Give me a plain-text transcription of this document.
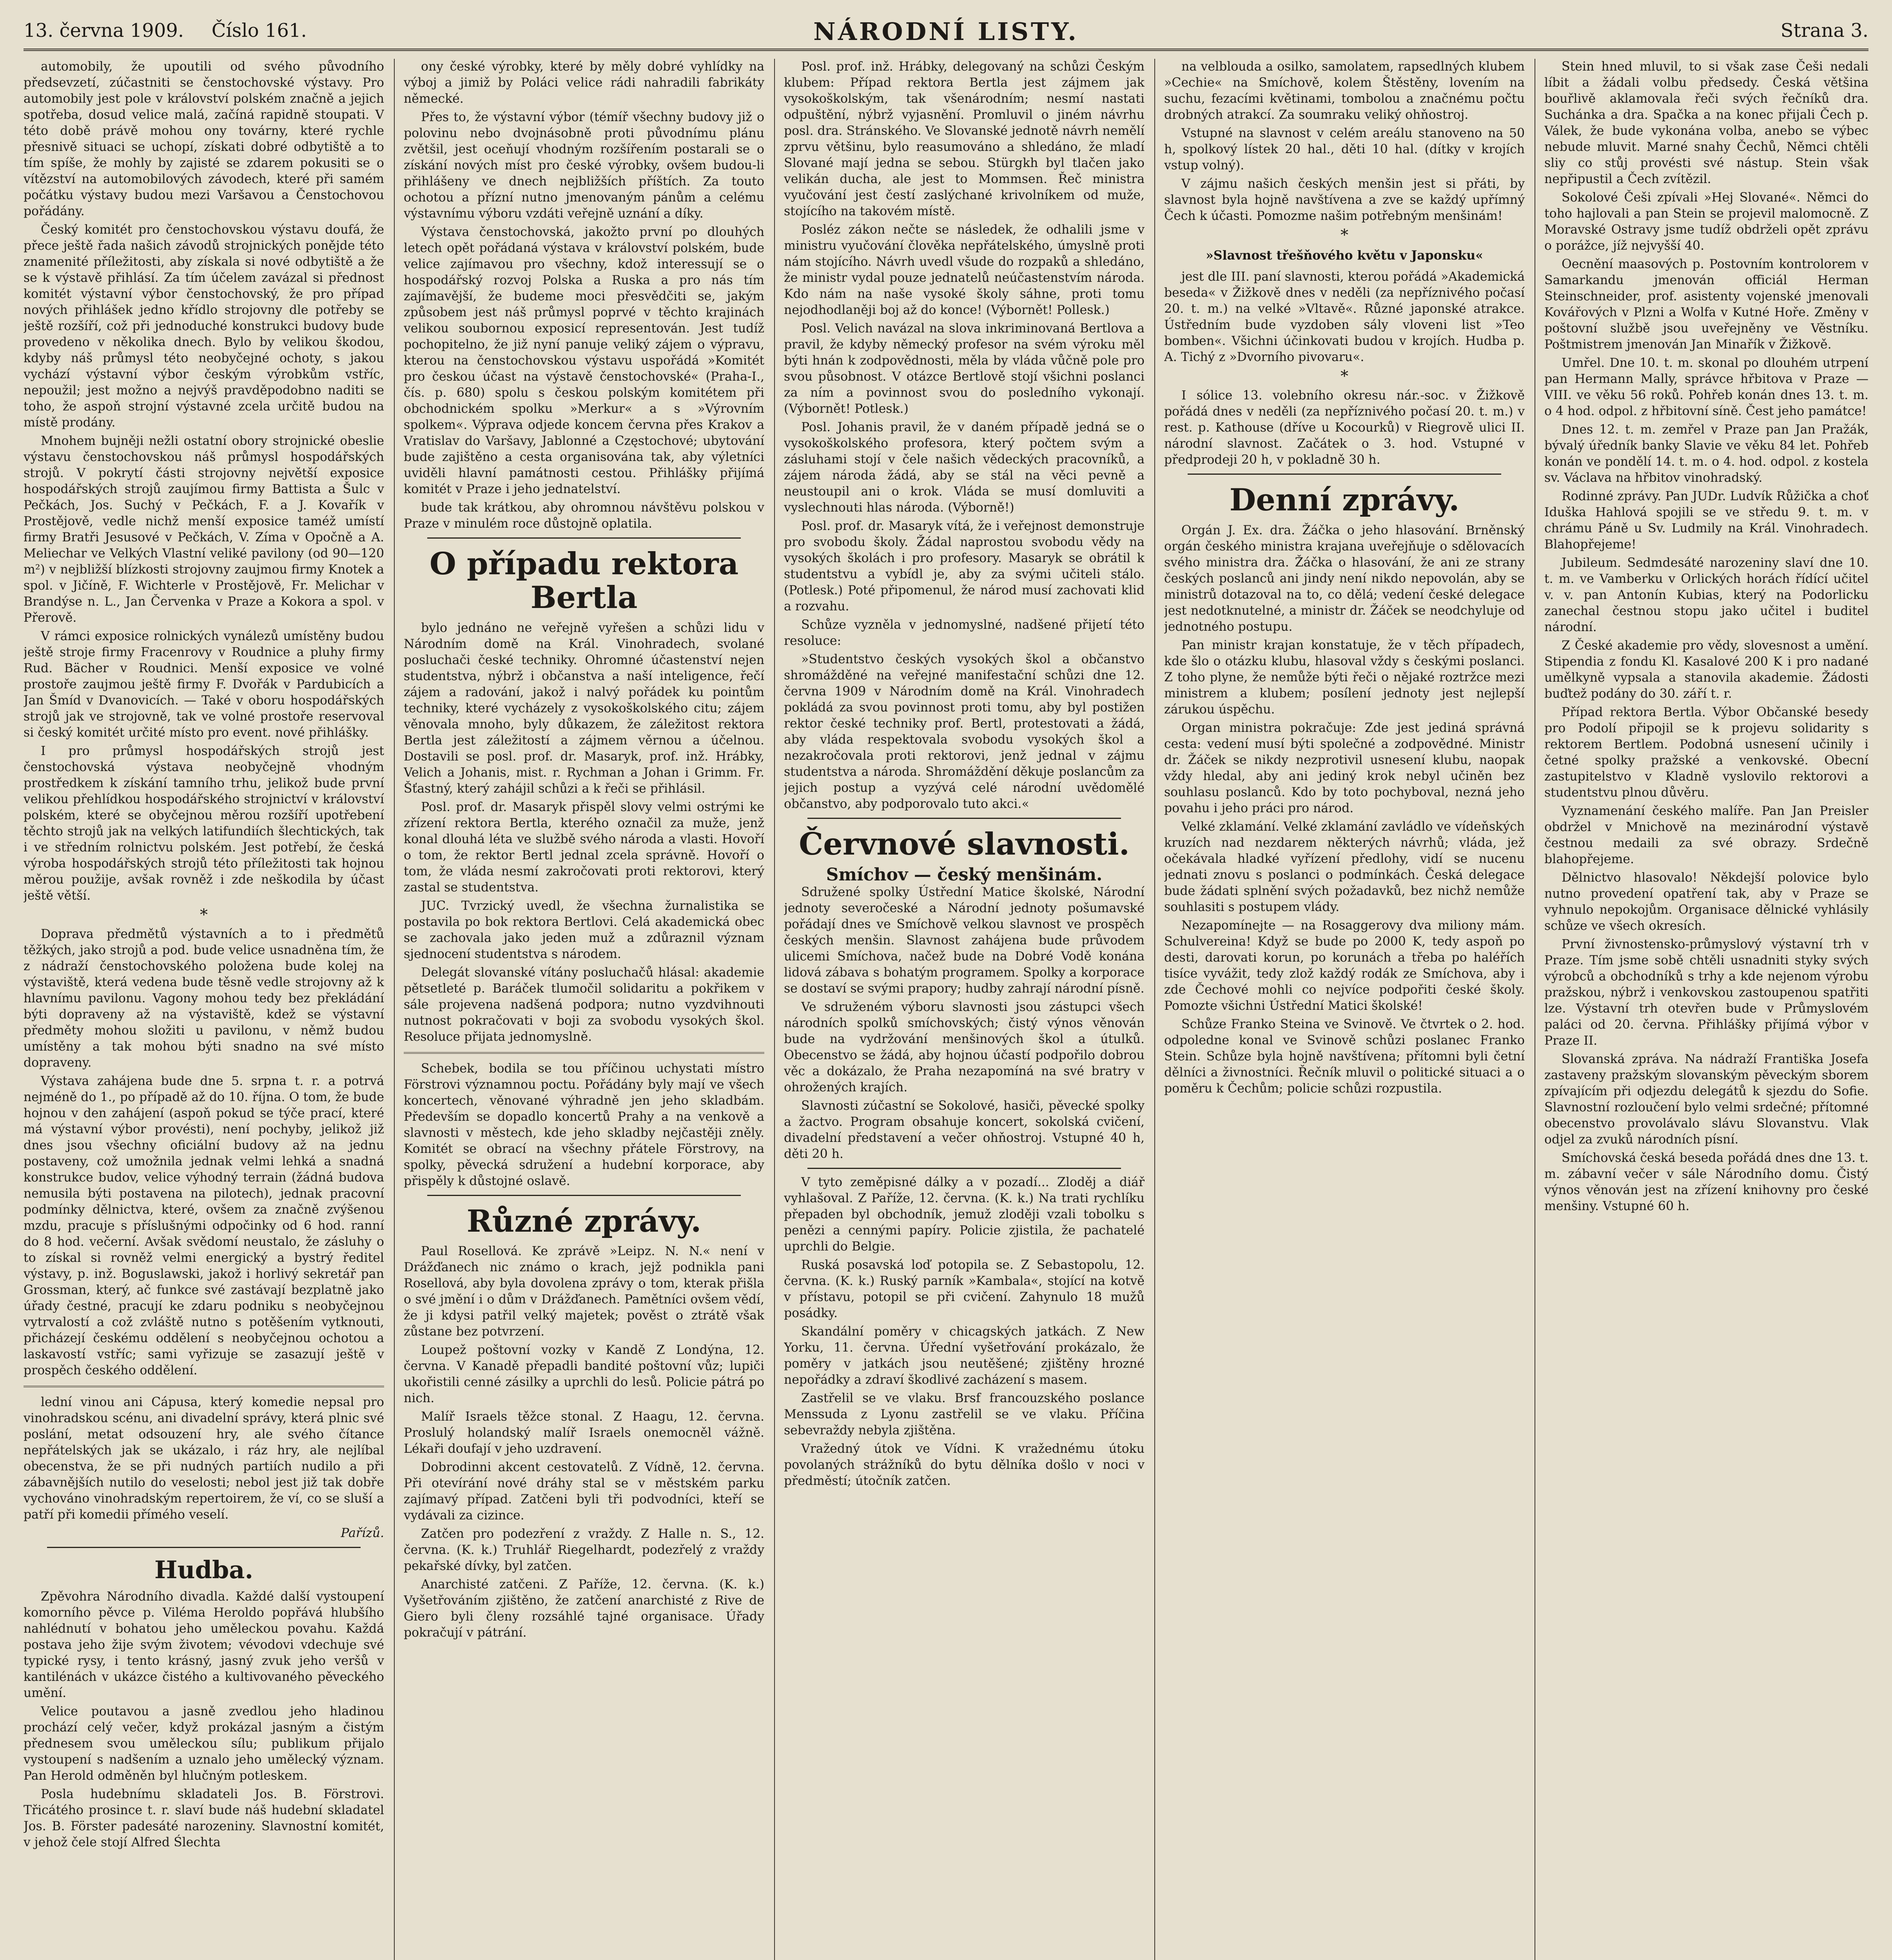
13. června 1909. Číslo 161.	NÁRODNÍ LISTY.	Strana 3.

automobily, že upoutili od svého původního předsevzetí, zúčastniti se čenstochovské výstavy. Pro automobily jest pole v království polském značně a jejich spotřeba, dosud velice malá, začíná rapidně stoupati. V této době právě mohou ony továrny, které rychle přesnivě situaci se uchopí, získati dobré odbytiště a to tím spíše, že mohly by zajisté se zdarem pokusiti se o vítězství na automobilových závodech, které při samém počátku výstavy budou mezi Varšavou a Čenstochovou pořádány.

Český komitét pro čenstochovskou výstavu doufá, že přece ještě řada našich závodů strojnických ponějde této znamenité příležitosti, aby získala si nové odbytiště a že se k výstavě přihlásí. Za tím účelem zavázal si přednost komitét výstavní výbor čenstochovský, že pro případ nových přihlášek jedno křídlo strojovny dle potřeby se ještě rozšíří, což při jednoduché konstrukci budovy bude provedeno v několika dnech. Bylo by velikou škodou, kdyby náš průmysl této neobyčejné ochoty, s jakou vychází výstavní výbor českým výrobkům vstříc, nepoužil; jest možno a nejvýš pravděpodobno naditi se toho, že aspoň strojní výstavné zcela určitě budou na místě prodány.

Mnohem bujněji nežli ostatní obory strojnické obeslie výstavu čenstochovskou náš průmysl hospodářských strojů. V pokrytí části strojovny největší exposice hospodářských strojů zaujímou firmy Battista a Šulc v Pečkách, Jos. Suchý v Pečkách, F. a J. Kovařík v Prostějově, vedle nichž menší exposice taméž umístí firmy Bratři Jesusové v Pečkách, V. Zíma v Opočně a A. Meliechar ve Velkých Vlastní veliké pavilony (od 90—120 m²) v nejbližší blízkosti strojovny zaujmou firmy Knotek a spol. v Jičíně, F. Wichterle v Prostějově, Fr. Melichar v Brandýse n. L., Jan Červenka v Praze a Kokora a spol. v Přerově.

V rámci exposice rolnických vynálezů umístěny budou ještě stroje firmy Fracenrovy v Roudnice a pluhy firmy Rud. Bächer v Roudnici. Menší exposice ve volné prostoře zaujmou ještě firmy F. Dvořák v Pardubicích a Jan Šmíd v Dvanovicích. — Také v oboru hospodářských strojů jak ve strojovně, tak ve volné prostoře reservoval si český komitét určité místo pro event. nové přihlášky.

I pro průmysl hospodářských strojů jest čenstochovská výstava neobyčejně vhodným prostředkem k získání tamního trhu, jelikož bude první velikou přehlídkou hospodářského strojnictví v království polském, které se obyčejnou měrou rozšíří upotřebení těchto strojů jak na velkých latifundiích šlechtických, tak i ve středním rolnictvu polském. Jest potřebí, že česká výroba hospodářských strojů této příležitosti tak hojnou měrou použije, avšak rovněž i zde neškodila by účast ještě větší.

*

Doprava předmětů výstavních a to i předmětů těžkých, jako strojů a pod. bude velice usnadněna tím, že z nádraží čenstochovského položena bude kolej na výstaviště, která vedena bude těsně vedle strojovny až k hlavnímu pavilonu. Vagony mohou tedy bez překládání býti dopraveny až na výstaviště, kdež se výstavní předměty mohou složiti u pavilonu, v němž budou umístěny a tak mohou býti snadno na své místo dopraveny.

Výstava zahájena bude dne 5. srpna t. r. a potrvá nejméně do 1., po případě až do 10. října. O tom, že bude hojnou v den zahájení (aspoň pokud se týče prací, které má výstavní výbor provésti), není pochyby, jelikož již dnes jsou všechny oficiální budovy až na jednu postaveny, což umožnila jednak velmi lehká a snadná konstrukce budov, velice výhodný terrain (žádná budova nemusila býti postavena na pilotech), jednak pracovní podmínky dělnictva, které, ovšem za značně zvýšenou mzdu, pracuje s příslušnými odpočinky od 6 hod. ranní do 8 hod. večerní. Avšak svědomí neustalo, že zásluhy o to získal si rovněž velmi energický a bystrý ředitel výstavy, p. inž. Boguslawski, jakož i horlivý sekretář pan Grossman, který, ač funkce své zastávají bezplatně jako úřady čestné, pracují ke zdaru podniku s neobyčejnou vytrvalostí a což zvláště nutno s potěšením vytknouti, přicházejí českému oddělení s neobyčejnou ochotou a laskavostí vstříc; sami vyřizuje se zasazují ještě v prospěch českého oddělení.

lední vinou ani Cápusa, který komedie nepsal pro vinohradskou scénu, ani divadelní správy, která plnic své poslání, metat odsouzení hry, ale svého čítance nepřátelských jak se ukázalo, i ráz hry, ale nejlíbal obecenstva, že se při nudných partiích nudilo a při zábavnějších nutilo do veselosti; nebol jest již tak dobře vychováno vinohradským repertoirem, že ví, co se sluší a patří při komedii přímého veselí.

Pařízů.
Hudba.

Zpěvohra Národního divadla. Každé další vystoupení komorního pěvce p. Viléma Heroldo popřává hlubšího nahlédnutí v bohatou jeho uměleckou povahu. Každá postava jeho žije svým životem; vévodovi vdechuje své typické rysy, i tento krásný, jasný zvuk jeho veršů v kantilénách v ukázce čistého a kultivovaného pěveckého umění.

Velice poutavou a jasně zvedlou jeho hladinou prochází celý večer, když prokázal jasným a čistým přednesem svou uměleckou sílu; publikum přijalo vystoupení s nadšením a uznalo jeho umělecký význam. Pan Herold odměněn byl hlučným potleskem.

Posla hudebnímu skladateli Jos. B. Förstrovi. Třicátého prosince t. r. slaví bude náš hudební skladatel Jos. B. Förster padesáté narozeniny. Slavnostní komitét, v jehož čele stojí Alfred Ślechta

ony české výrobky, které by měly dobré vyhlídky na výboj a jimiž by Poláci velice rádi nahradili fabrikáty německé.

Přes to, že výstavní výbor (témíř všechny budovy již o polovinu nebo dvojnásobně proti původnímu plánu zvětšil, jest oceňují vhodným rozšířením postarali se o získání nových míst pro české výrobky, ovšem budou-li přihlášeny ve dnech nejbližších příštích. Za touto ochotou a přízní nutno jmenovaným pánům a celému výstavnímu výboru vzdáti veřejně uznání a díky.

Výstava čenstochovská, jakožto první po dlouhých letech opět pořádaná výstava v království polském, bude velice zajímavou pro všechny, kdož interessují se o hospodářský rozvoj Polska a Ruska a pro nás tím zajímavější, že budeme moci přesvědčiti se, jakým způsobem jest náš průmysl poprvé v těchto krajinách velikou soubornou exposicí representován. Jest tudíž pochopitelno, že již nyní panuje veliký zájem o výpravu, kterou na čenstochovskou výstavu uspořádá »Komitét pro českou účast na výstavě čenstochovské« (Praha-I., čís. p. 680) spolu s českou polským komitétem při obchodnickém spolku »Merkur« a s »Výrovním spolkem«. Výprava odjede koncem června přes Krakov a Vratislav do Varšavy, Jablonné a Częstochové; ubytování bude zajištěno a cesta organisována tak, aby výletníci uviděli hlavní památnosti cestou. Přihlášky přijímá komitét v Praze i jeho jednatelství.

bude tak krátkou, aby ohromnou návštěvu polskou v Praze v minulém roce důstojně oplatila.

O případu rektora Bertla

bylo jednáno ne veřejně vyřešen a schůzi lidu v Národním domě na Král. Vinohradech, svolané posluchači české techniky. Ohromné účastenství nejen studentstva, nýbrž i občanstva a naší inteligence, řečí zájem a radování, jakož i nalvý pořádek ku pointům techniky, které vycházely z vysokoškolského citu; zájem věnovala mnoho, byly důkazem, že záležitost rektora Bertla jest záležitostí a zájmem věrnou a účelnou. Dostavili se posl. prof. dr. Masaryk, prof. inž. Hrábky, Velich a Johanis, mist. r. Rychman a Johan i Grimm. Fr. Šťastný, který zahájil schůzi a k řeči se přihlásil.

Posl. prof. dr. Masaryk přispěl slovy velmi ostrými ke zřízení rektora Bertla, kterého označil za muže, jenž konal dlouhá léta ve službě svého národa a vlasti. Hovoří o tom, že rektor Bertl jednal zcela správně. Hovoří o tom, že vláda nesmí zakročovati proti rektorovi, který zastal se studentstva.

JUC. Tvrzický uvedl, že všechna žurnalistika se postavila po bok rektora Bertlovi. Celá akademická obec se zachovala jako jeden muž a zdůraznil význam sjednocení studentstva s národem.

Delegát slovanské vítány posluchačů hlásal: akademie pětsetleté p. Baráček tlumočil solidaritu a pokřikem v sále projevena nadšená podpora; nutno vyzdvihnouti nutnost pokračovati v boji za svobodu vysokých škol. Resoluce přijata jednomyslně.

Schebek, bodila se tou příčinou uchystati místro Förstrovi významnou poctu. Pořádány byly mají ve všech koncertech, věnované výhradně jen jeho skladbám. Především se dopadlo koncertů Prahy a na venkově a slavnosti v městech, kde jeho skladby nejčastěji zněly. Komitét se obrací na všechny přátele Förstrovy, na spolky, pěvecká sdružení a hudební korporace, aby přispěly k důstojné oslavě.

Různé zprávy.

Paul Rosellová. Ke zprávě »Leipz. N. N.« není v Drážďanech nic známo o krach, jejž podnikla pani Rosellová, aby byla dovolena zprávy o tom, kterak přišla o své jmění i o dům v Drážďanech. Pamětníci ovšem vědí, že ji kdysi patřil velký majetek; pověst o ztrátě však zůstane bez potvrzení.

Loupež poštovní vozky v Kandě Z Londýna, 12. června. V Kanadě přepadli bandité poštovní vůz; lupiči ukořistili cenné zásilky a uprchli do lesů. Policie pátrá po nich.

Malíř Israels těžce stonal. Z Haagu, 12. června. Proslulý holandský malíř Israels onemocněl vážně. Lékaři doufají v jeho uzdravení.

Dobrodinni akcent cestovatelů. Z Vídně, 12. června. Při otevírání nové dráhy stal se v městském parku zajímavý případ. Zatčeni byli tři podvodníci, kteří se vydávali za cizince.

Zatčen pro podezření z vraždy. Z Halle n. S., 12. června. (K. k.) Truhlář Riegelhardt, podezřelý z vraždy pekařské dívky, byl zatčen.

Anarchisté zatčeni. Z Paříže, 12. června. (K. k.) Vyšetřováním zjištěno, že zatčení anarchisté z Rive de Giero byli členy rozsáhlé tajné organisace. Úřady pokračují v pátrání.

Posl. prof. inž. Hrábky, delegovaný na schůzi Českým klubem: Případ rektora Bertla jest zájmem jak vysokoškolským, tak všenárodním; nesmí nastati odpuštění, nýbrž vyjasnění. Promluvil o jiném návrhu posl. dra. Stránského. Ve Slovanské jednotě návrh nemělí zprvu většinu, bylo reasumováno a shledáno, že mladí Slované mají jedna se sebou. Stürgkh byl tlačen jako velikán ducha, ale jest to Mommsen. Řeč ministra vyučování jest čestí zaslýchané krivolníkem od muže, stojícího na takovém místě.

Posléz zákon nečte se následek, že odhalili jsme v ministru vyučování člověka nepřátelského, úmyslně proti nám stojícího. Návrh uvedl všude do rozpaků a shledáno, že ministr vydal pouze jednatelů neúčastenstvím národa. Kdo nám na naše vysoké školy sáhne, proti tomu nejodhodlaněji boj až do konce! (Výbornět! Pollesk.)

Posl. Velich navázal na slova inkriminovaná Bertlova a pravil, že kdyby německý profesor na svém výroku měl býti hnán k zodpovědnosti, měla by vláda vůčně pole pro svou působnost. V otázce Bertlově stojí všichni poslanci za ním a povinnost svou do posledního vykonají. (Výbornět! Potlesk.)

Posl. Johanis pravil, že v daném případě jedná se o vysokoškolského profesora, který počtem svým a zásluhami stojí v čele našich vědeckých pracovníků, a zájem národa žádá, aby se stál na věci pevně a neustoupil ani o krok. Vláda se musí domluviti a vyslechnouti hlas národa. (Výborně!)

Posl. prof. dr. Masaryk vítá, že i veřejnost demonstruje pro svobodu školy. Žádal naprostou svobodu vědy na vysokých školách i pro profesory. Masaryk se obrátil k studentstvu a vybídl je, aby za svými učiteli stálo. (Potlesk.) Poté připomenul, že národ musí zachovati klid a rozvahu.

Schůze vyzněla v jednomyslné, nadšené přijetí této resoluce:

»Studentstvo českých vysokých škol a občanstvo shromážděné na veřejné manifestační schůzi dne 12. června 1909 v Národním domě na Král. Vinohradech pokládá za svou povinnost proti tomu, aby byl postižen rektor české techniky prof. Bertl, protestovati a žádá, aby vláda respektovala svobodu vysokých škol a nezakročovala proti rektorovi, jenž jednal v zájmu studentstva a národa. Shromáždění děkuje poslancům za jejich postup a vyzývá celé národní uvědomělé občanstvo, aby podporovalo tuto akci.«

Červnové slavnosti.
Smíchov — český menšinám.

Sdružené spolky Ústřední Matice školské, Národní jednoty severočeské a Národní jednoty pošumavské pořádají dnes ve Smíchově velkou slavnost ve prospěch českých menšin. Slavnost zahájena bude průvodem ulicemi Smíchova, načež bude na Dobré Vodě konána lidová zábava s bohatým programem. Spolky a korporace se dostaví se svými prapory; hudby zahrají národní písně.

Ve sdruženém výboru slavnosti jsou zástupci všech národních spolků smíchovských; čistý výnos věnován bude na vydržování menšinových škol a útulků. Obecenstvo se žádá, aby hojnou účastí podpořilo dobrou věc a dokázalo, že Praha nezapomíná na své bratry v ohrožených krajích.

Slavnosti zúčastní se Sokolové, hasiči, pěvecké spolky a žactvo. Program obsahuje koncert, sokolská cvičení, divadelní představení a večer ohňostroj. Vstupné 40 h, děti 20 h.

V tyto zeměpisné dálky a v pozadí... Zloděj a diář vyhlašoval. Z Paříže, 12. června. (K. k.) Na trati rychlíku přepaden byl obchodník, jemuž zloději vzali tobolku s penězi a cennými papíry. Policie zjistila, že pachatelé uprchli do Belgie.

Ruská posavská loď potopila se. Z Sebastopolu, 12. června. (K. k.) Ruský parník »Kambala«, stojící na kotvě v přístavu, potopil se při cvičení. Zahynulo 18 mužů posádky.

Skandální poměry v chicagských jatkách. Z New Yorku, 11. června. Úřední vyšetřování prokázalo, že poměry v jatkách jsou neutěšené; zjištěny hrozné nepořádky a zdraví škodlivé zacházení s masem.

Zastřelil se ve vlaku. Brsf francouzského poslance Menssuda z Lyonu zastřelil se ve vlaku. Příčina sebevraždy nebyla zjištěna.

Vražedný útok ve Vídni. K vražednému útoku povolaných strážníků do bytu dělníka došlo v noci v předměstí; útočník zatčen.

na velblouda a osilko, samolatem, rapsedlných klubem »Cechie« na Smíchově, kolem Štěstěny, lovením na suchu, fezacími květinami, tombolou a značnému počtu drobných atrakcí. Za soumraku veliký ohňostroj.

Vstupné na slavnost v celém areálu stanoveno na 50 h, spolkový lístek 20 hal., děti 10 hal. (dítky v krojích vstup volný).

V zájmu našich českých menšin jest si přáti, by slavnost byla hojně navštívena a zve se každý upřímný Čech k účasti. Pomozme našim potřebným menšinám!

*
»Slavnost třešňového květu v Japonsku«

jest dle III. paní slavnosti, kterou pořádá »Akademická beseda« v Žižkově dnes v neděli (za nepříznivého počasí 20. t. m.) na velké »Vltavě«. Různé japonské atrakce. Ústředním bude vyzdoben sály vloveni list »Teo bomben«. Všichni účinkovati budou v krojích. Hudba p. A. Tichý z »Dvorního pivovaru«.

*

I sólice 13. volebního okresu nár.-soc. v Žižkově pořádá dnes v neděli (za nepříznivého počasí 20. t. m.) v rest. p. Kathouse (dříve u Kocourků) v Riegrově ulici II. národní slavnost. Začátek o 3. hod. Vstupné v předprodeji 20 h, v pokladně 30 h.

Denní zprávy.

Orgán J. Ex. dra. Žáčka o jeho hlasování. Brněnský orgán českého ministra krajana uveřejňuje o sdělovacích svého ministra dra. Žáčka o hlasování, že ani ze strany českých poslanců ani jindy není nikdo nepovolán, aby se ministrů dotazoval na to, co dělá; vedení české delegace jest nedotknutelné, a ministr dr. Žáček se neodchyluje od jednotného postupu.

Pan ministr krajan konstatuje, že v těch případech, kde šlo o otázku klubu, hlasoval vždy s českými poslanci. Z toho plyne, že nemůže býti řeči o nějaké roztržce mezi ministrem a klubem; posílení jednoty jest nejlepší zárukou úspěchu.

Organ ministra pokračuje: Zde jest jediná správná cesta: vedení musí býti společné a zodpovědné. Ministr dr. Žáček se nikdy nezprotivil usnesení klubu, naopak vždy hledal, aby ani jediný krok nebyl učiněn bez souhlasu poslanců. Kdo by toto pochyboval, nezná jeho povahu i jeho práci pro národ.

Velké zklamání. Velké zklamání zavládlo ve vídeňských kruzích nad nezdarem některých návrhů; vláda, jež očekávala hladké vyřízení předlohy, vidí se nucenu jednati znovu s poslanci o podmínkách. Česká delegace bude žádati splnění svých požadavků, bez nichž nemůže souhlasiti s postupem vlády.

Nezapomínejte — na Rosaggerovy dva miliony mám. Schulvereina! Když se bude po 2000 K, tedy aspoň po desti, darovati korun, po korunách a třeba po haléřích tisíce vyvážit, tedy zlož každý rodák ze Smíchova, aby i zde Čechové mohli co nejvíce podpořiti české školy. Pomozte všichni Ústřední Matici školské!

Schůze Franko Steina ve Svinově. Ve čtvrtek o 2. hod. odpoledne konal ve Svinově schůzi poslanec Franko Stein. Schůze byla hojně navštívena; přítomni byli četní dělníci a živnostníci. Řečník mluvil o politické situaci a o poměru k Čechům; policie schůzi rozpustila.

Stein hned mluvil, to si však zase Češi nedali líbit a žádali volbu předsedy. Česká většina bouřlivě aklamovala řeči svých řečníků dra. Suchánka a dra. Spačka a na konec přijali Čech p. Válek, že bude vykonána volba, anebo se výbec nebude mluvit. Marné snahy Čechů, Němci chtěli sliy co stůj provésti své nástup. Stein však nepřipustil a Čech zvítězil.

Sokolové Češi zpívali »Hej Slované«. Němci do toho hajlovali a pan Stein se projevil malomocně. Z Moravské Ostravy jsme tudíž obdrželi opět zprávu o porážce, jíž nejvyšší 40.

Oecnění maasových p. Postovním kontrolorem v Samarkandu jmenován officiál Herman Steinschneider, prof. asistenty vojenské jmenovali Kovářových v Plzni a Wolfa v Kutné Hoře. Změny v poštovní službě jsou uveřejněny ve Věstníku. Poštmistrem jmenován Jan Minařík v Žižkově.

Umřel. Dne 10. t. m. skonal po dlouhém utrpení pan Hermann Mally, správce hřbitova v Praze — VIII. ve věku 56 roků. Pohřeb konán dnes 13. t. m. o 4 hod. odpol. z hřbitovní síně. Čest jeho památce!

Dnes 12. t. m. zemřel v Praze pan Jan Pražák, bývalý úředník banky Slavie ve věku 84 let. Pohřeb konán ve pondělí 14. t. m. o 4. hod. odpol. z kostela sv. Václava na hřbitov vinohradský.

Rodinné zprávy. Pan JUDr. Ludvík Růžička a choť Iduška Hahlová spojili se ve středu 9. t. m. v chrámu Páně u Sv. Ludmily na Král. Vinohradech. Blahopřejeme!

Jubileum. Sedmdesáté narozeniny slaví dne 10. t. m. ve Vamberku v Orlických horách řídící učitel v. v. pan Antonín Kubias, který na Podorlicku zanechal čestnou stopu jako učitel i buditel národní.

Z České akademie pro vědy, slovesnost a umění. Stipendia z fondu Kl. Kasalové 200 K i pro nadané umělkyně vypsala a stanovila akademie. Žádosti buďtež podány do 30. září t. r.

Případ rektora Bertla. Výbor Občanské besedy pro Podolí připojil se k projevu solidarity s rektorem Bertlem. Podobná usnesení učinily i četné spolky pražské a venkovské. Obecní zastupitelstvo v Kladně vyslovilo rektorovi a studentstvu plnou důvěru.

Vyznamenání českého malíře. Pan Jan Preisler obdržel v Mnichově na mezinárodní výstavě čestnou medaili za své obrazy. Srdečně blahopřejeme.

Dělnictvo hlasovalo! Někdejší polovice bylo nutno provedení opatření tak, aby v Praze se vyhnulo nepokojům. Organisace dělnické vyhlásily schůze ve všech okresích.

První živnostensko-průmyslový výstavní trh v Praze. Tím jsme sobě chtěli usnadniti styky svých výrobců a obchodníků s trhy a kde nejenom výrobu pražskou, nýbrž i venkovskou zastoupenou spatřiti lze. Výstavní trh otevřen bude v Průmyslovém paláci od 20. června. Přihlášky přijímá výbor v Praze II.

Slovanská zpráva. Na nádraží Františka Josefa zastaveny pražským slovanským pěveckým sborem zpívajícím při odjezdu delegátů k sjezdu do Sofie. Slavnostní rozloučení bylo velmi srdečné; přítomné obecenstvo provolávalo slávu Slovanstvu. Vlak odjel za zvuků národních písní.

Smíchovská česká beseda pořádá dnes dne 13. t. m. zábavní večer v sále Národního domu. Čistý výnos věnován jest na zřízení knihovny pro české menšiny. Vstupné 60 h.
